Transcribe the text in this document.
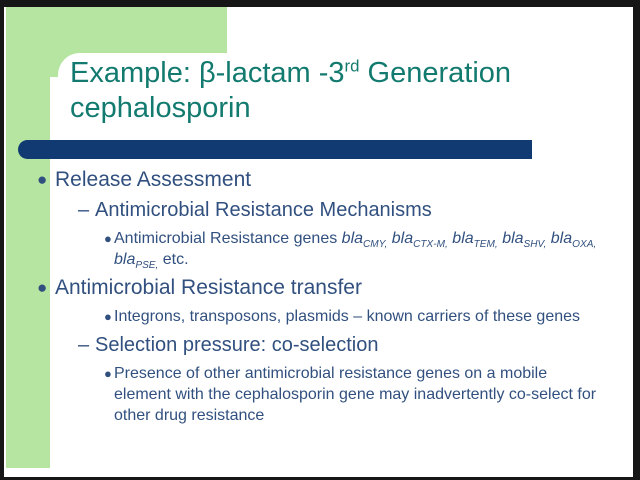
Example: β-lactam -3rd Generation
cephalosporin
● Release Assessment
– Antimicrobial Resistance Mechanisms
● Antimicrobial Resistance genes bla$_{CMY,}$ bla$_{CTX-M,}$ bla$_{TEM,}$ bla$_{SHV,}$ bla$_{OXA,}$ bla$_{PSE,}$ etc.
● Antimicrobial Resistance transfer
● Integrons, transposons, plasmids – known carriers of these genes
– Selection pressure: co-selection
● Presence of other antimicrobial resistance genes on a mobile element with the cephalosporin gene may inadvertently co-select for other drug resistance
